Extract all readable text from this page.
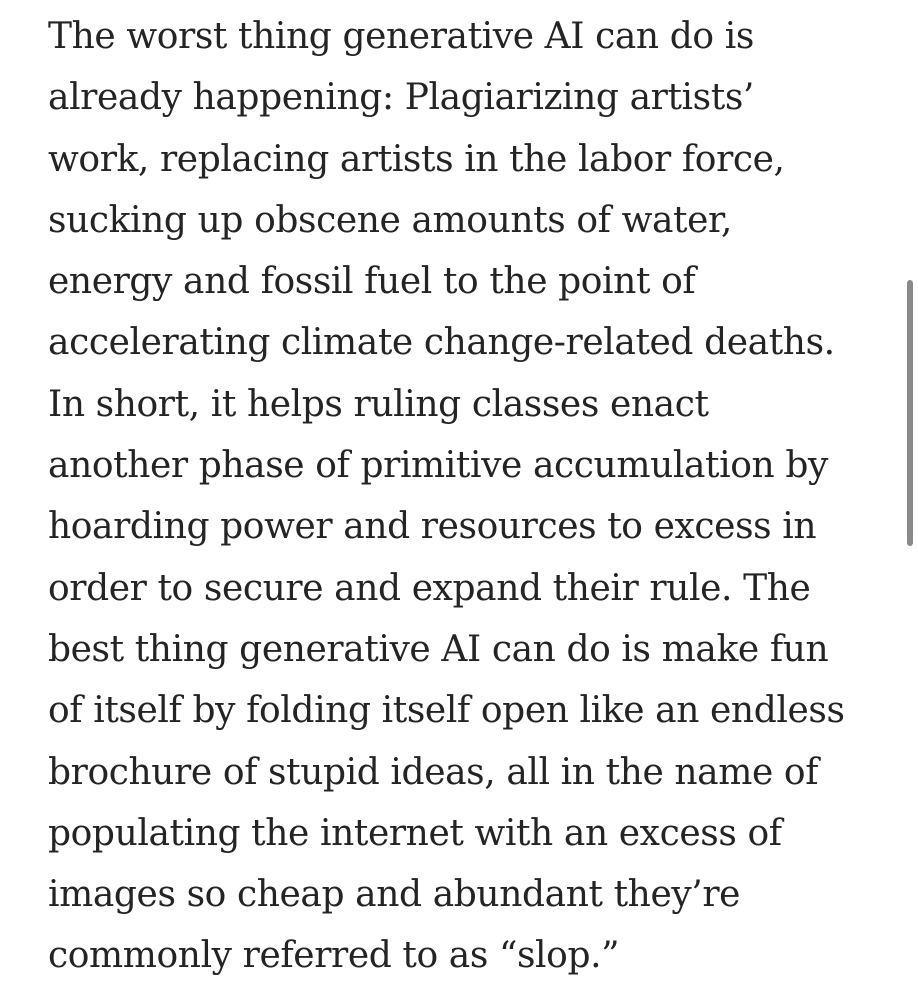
The worst thing generative AI can do is
already happening: Plagiarizing artists’
work, replacing artists in the labor force,
sucking up obscene amounts of water,
energy and fossil fuel to the point of
accelerating climate change-related deaths.
In short, it helps ruling classes enact
another phase of primitive accumulation by
hoarding power and resources to excess in
order to secure and expand their rule. The
best thing generative AI can do is make fun
of itself by folding itself open like an endless
brochure of stupid ideas, all in the name of
populating the internet with an excess of
images so cheap and abundant they’re
commonly referred to as “slop.”
